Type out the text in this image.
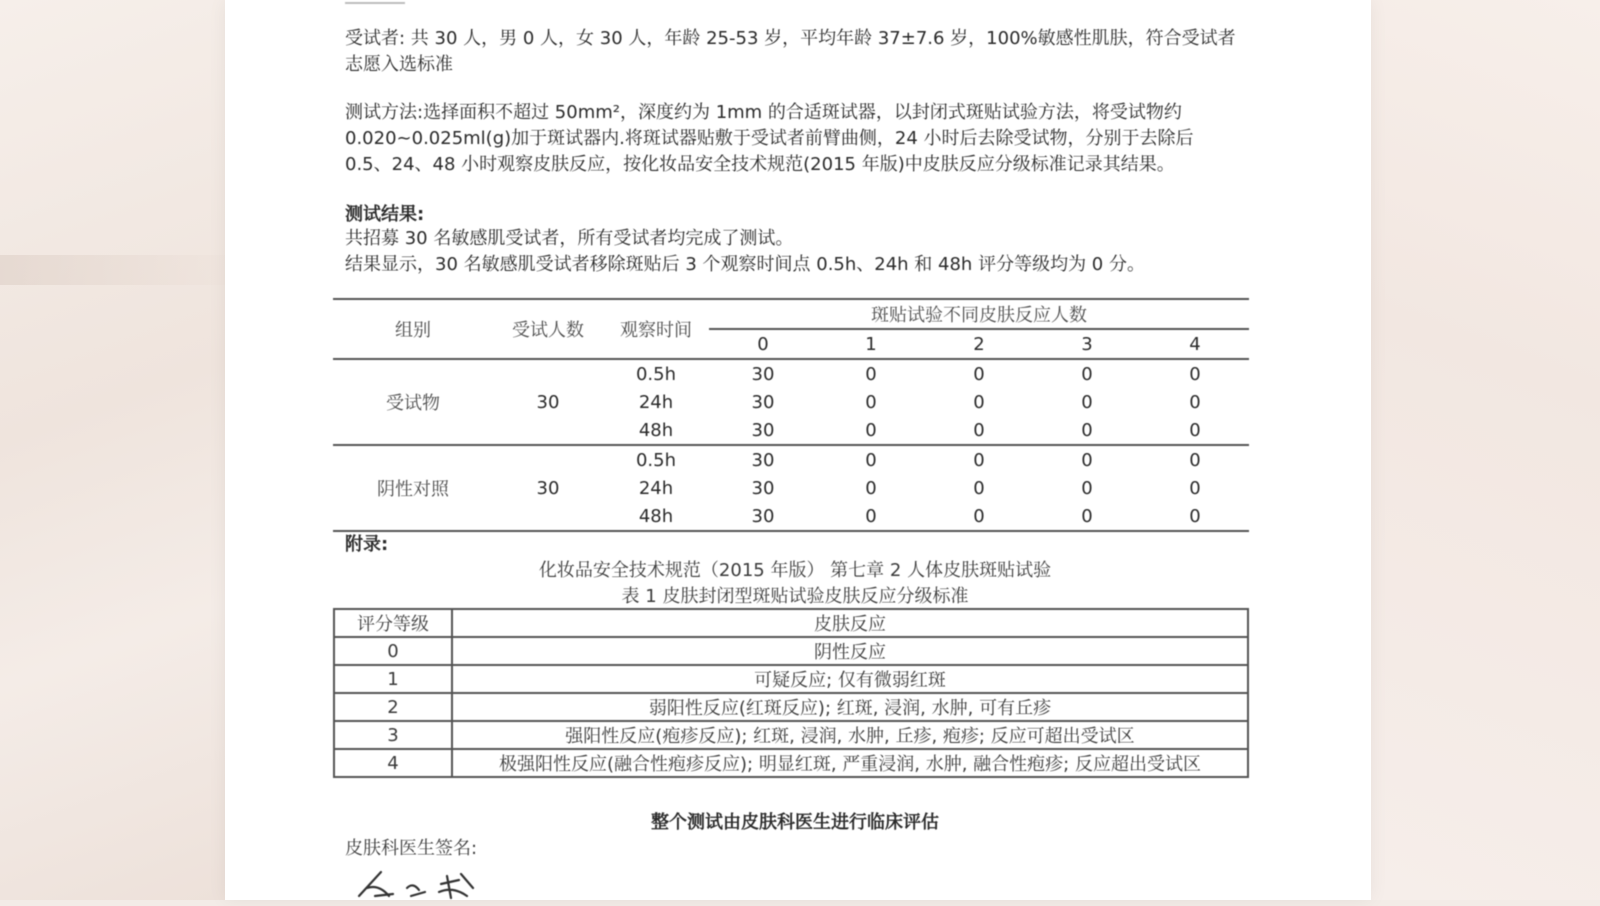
受试者: 共 30 人，男 0 人，女 30 人，年龄 25-53 岁，平均年龄 37±7.6 岁，100%敏感性肌肤，符合受试者志愿入选标准

测试方法:选择面积不超过 50mm²，深度约为 1mm 的合适斑试器，以封闭式斑贴试验方法，将受试物约 0.020~0.025ml(g)加于斑试器内.将斑试器贴敷于受试者前臂曲侧，24 小时后去除受试物，分别于去除后 0.5、24、48 小时观察皮肤反应，按化妆品安全技术规范(2015 年版)中皮肤反应分级标准记录其结果。

测试结果:

共招募 30 名敏感肌受试者，所有受试者均完成了测试。

结果显示，30 名敏感肌受试者移除斑贴后 3 个观察时间点 0.5h、24h 和 48h 评分等级均为 0 分。

组别	受试人数	观察时间	斑贴试验不同皮肤反应人数				
			0	1	2	3	4
受试物	30	0.5h	30	0	0	0	0
		24h	30	0	0	0	0
		48h	30	0	0	0	0
阴性对照	30	0.5h	30	0	0	0	0
		24h	30	0	0	0	0
		48h	30	0	0	0	0
附录:
化妆品安全技术规范（2015 年版） 第七章 2 人体皮肤斑贴试验
表 1 皮肤封闭型斑贴试验皮肤反应分级标准
评分等级	皮肤反应
0	阴性反应
1	可疑反应; 仅有微弱红斑
2	弱阳性反应(红斑反应); 红斑, 浸润, 水肿, 可有丘疹
3	强阳性反应(疱疹反应); 红斑, 浸润, 水肿, 丘疹, 疱疹; 反应可超出受试区
4	极强阳性反应(融合性疱疹反应); 明显红斑, 严重浸润, 水肿, 融合性疱疹; 反应超出受试区
整个测试由皮肤科医生进行临床评估
皮肤科医生签名:
